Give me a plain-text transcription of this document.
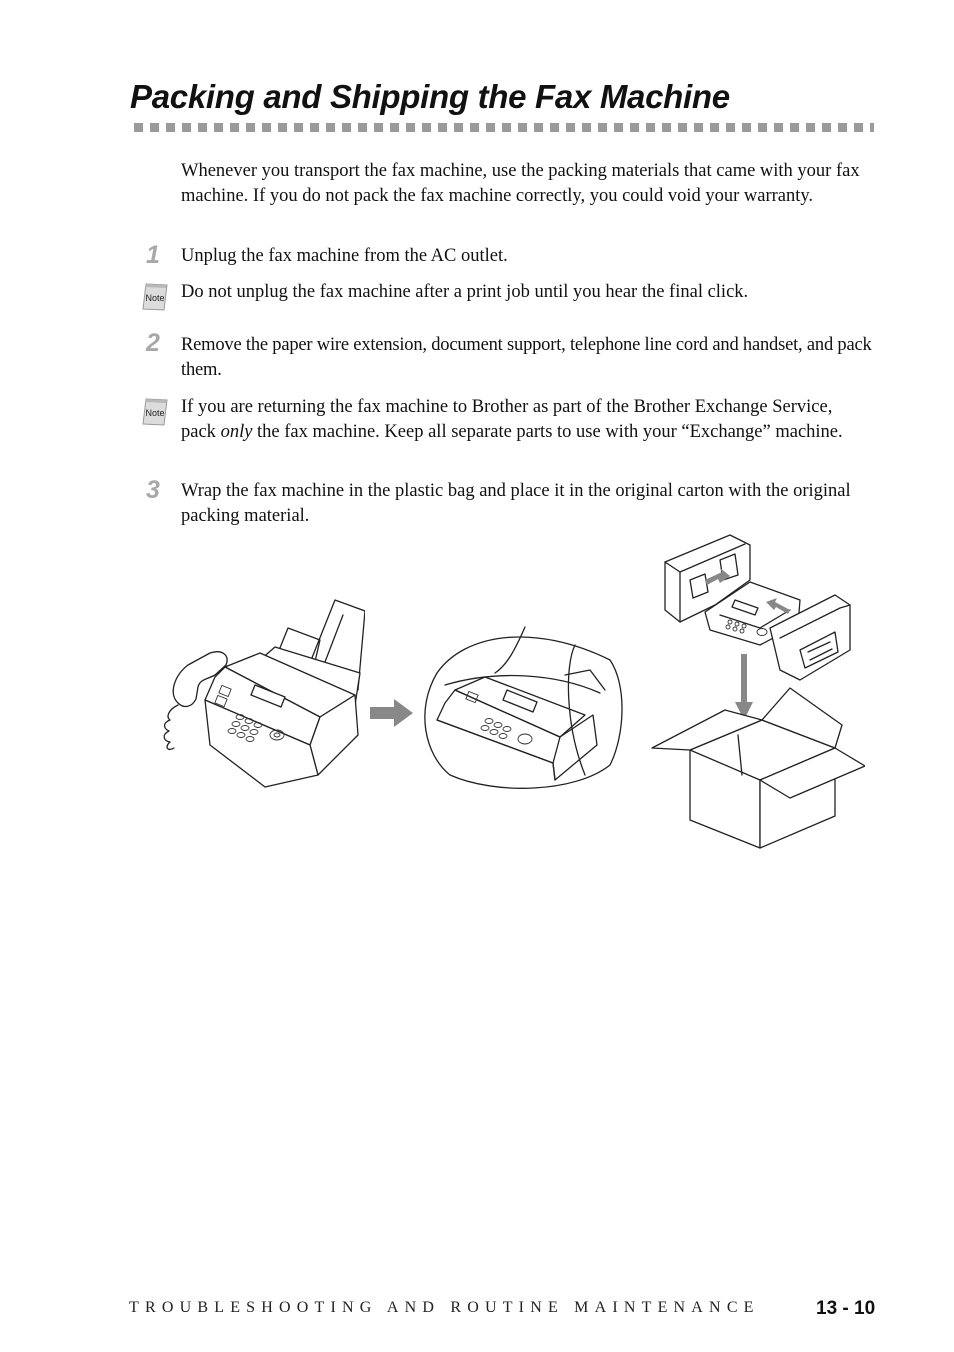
Packing and Shipping the Fax Machine

Whenever you transport the fax machine, use the packing materials that came with your fax machine. If you do not pack the fax machine correctly, you could void your warranty.

1 Unplug the fax machine from the AC outlet.

Note Do not unplug the fax machine after a print job until you hear the final click.

2 Remove the paper wire extension, document support, telephone line cord and handset, and pack them.

Note If you are returning the fax machine to Brother as part of the Brother Exchange Service, pack only the fax machine. Keep all separate parts to use with your “Exchange” machine.

3 Wrap the fax machine in the plastic bag and place it in the original carton with the original packing material.

TROUBLESHOOTING AND ROUTINE MAINTENANCE	13 - 10
